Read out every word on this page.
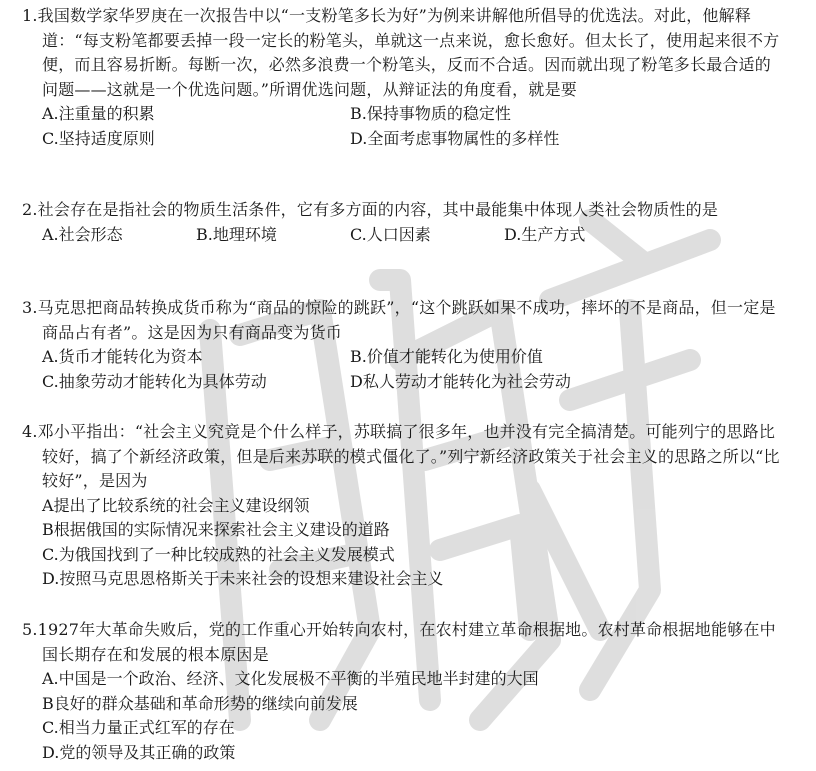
1.我国数学家华罗庚在一次报告中以“一支粉笔多长为好”为例来讲解他所倡导的优选法。对此，他解释道：“每支粉笔都要丢掉一段一定长的粉笔头，单就这一点来说，愈长愈好。但太长了，使用起来很不方便，而且容易折断。每断一次，必然多浪费一个粉笔头，反而不合适。因而就出现了粉笔多长最合适的问题——这就是一个优选问题。”所谓优选问题，从辩证法的角度看，就是要

A.注重量的积累	B.保持事物质的稳定性
C.坚持适度原则	D.全面考虑事物属性的多样性

2.社会存在是指社会的物质生活条件，它有多方面的内容，其中最能集中体现人类社会物质性的是

A.社会形态	B.地理环境	C.人口因素	D.生产方式

3.马克思把商品转换成货币称为“商品的惊险的跳跃”，“这个跳跃如果不成功，摔坏的不是商品，但一定是商品占有者”。这是因为只有商品变为货币

A.货币才能转化为资本	B.价值才能转化为使用价值
C.抽象劳动才能转化为具体劳动	D私人劳动才能转化为社会劳动

4.邓小平指出：“社会主义究竟是个什么样子，苏联搞了很多年，也并没有完全搞清楚。可能列宁的思路比较好，搞了个新经济政策，但是后来苏联的模式僵化了。”列宁新经济政策关于社会主义的思路之所以“比较好”，是因为

A提出了比较系统的社会主义建设纲领
B根据俄国的实际情况来探索社会主义建设的道路
C.为俄国找到了一种比较成熟的社会主义发展模式
D.按照马克思恩格斯关于未来社会的设想来建设社会主义

5.1927年大革命失败后，党的工作重心开始转向农村，在农村建立革命根据地。农村革命根据地能够在中国长期存在和发展的根本原因是

A.中国是一个政治、经济、文化发展极不平衡的半殖民地半封建的大国
B良好的群众基础和革命形势的继续向前发展
C.相当力量正式红军的存在
D.党的领导及其正确的政策
